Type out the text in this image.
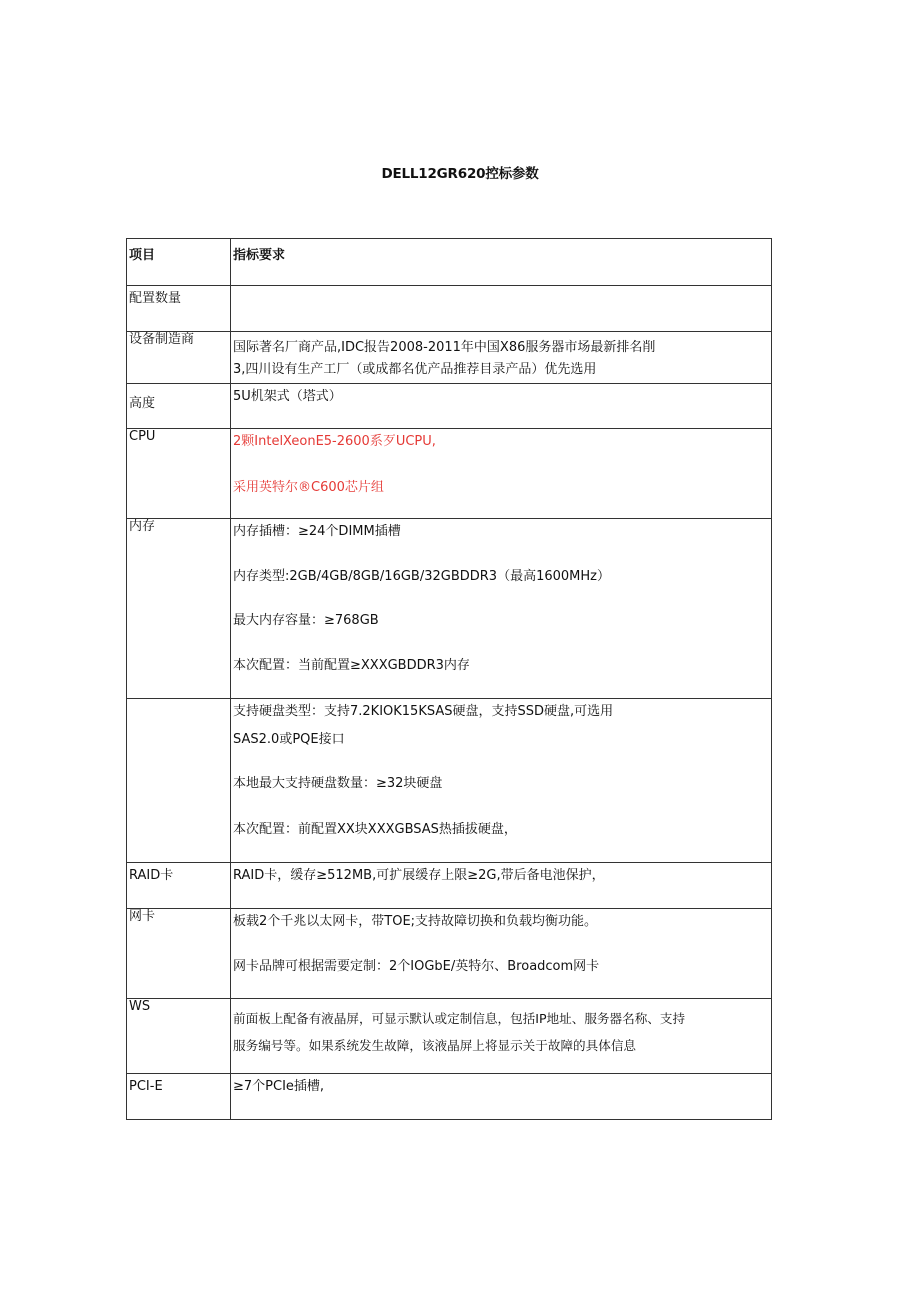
DELL12GR620控标参数
项目	指标要求
配置数量	
设备制造商	国际著名厂商产品,IDC报告2008-2011年中国X86服务器市场最新排名削

3,四川设有生产工厂（或成都名优产品推荐目录产品）优先选用

高度	5U机架式（塔式）

CPU	2颗IntelXeonE5-2600系歹UCPU,

采用英特尔®C600芯片组

内存	内存插槽：≥24个DIMM插槽

内存类型:2GB/4GB/8GB/16GB/32GBDDR3（最高1600MHz）

最大内存容量：≥768GB

本次配置：当前配置≥XXXGBDDR3内存

	支持硬盘类型：支持7.2KIOK15KSAS硬盘，支持SSD硬盘,可选用

SAS2.0或PQE接口

本地最大支持硬盘数量：≥32块硬盘

本次配置：前配置XX块XXXGBSAS热插拔硬盘，

RAID卡	RAID卡，缓存≥512MB,可扩展缓存上限≥2G,带后备电池保护，

网卡	板载2个千兆以太网卡，带TOE;支持故障切换和负载均衡功能。

网卡品牌可根据需要定制：2个IOGbE/英特尔、Broadcom网卡

WS	前面板上配备有液晶屏，可显示默认或定制信息，包括IP地址、服务器名称、支持

服务编号等。如果系统发生故障，该液晶屏上将显示关于故障的具体信息

PCI-E	≥7个PCIe插槽,
